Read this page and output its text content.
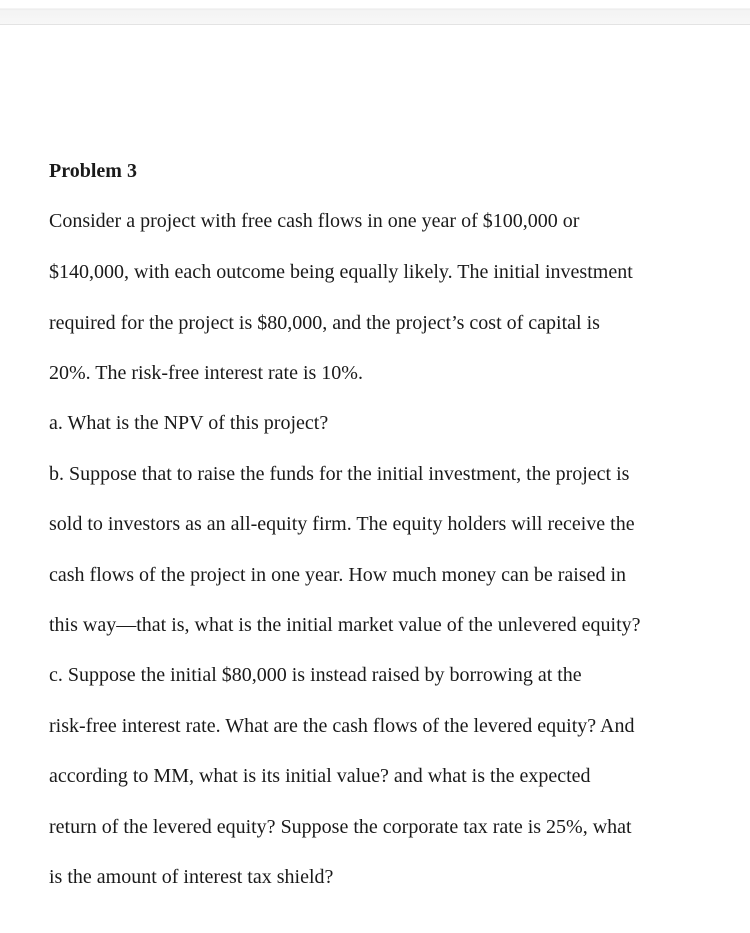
Problem 3
Consider a project with free cash flows in one year of $100,000 or
$140,000, with each outcome being equally likely. The initial investment
required for the project is $80,000, and the project’s cost of capital is
20%. The risk-free interest rate is 10%.
a. What is the NPV of this project?
b. Suppose that to raise the funds for the initial investment, the project is
sold to investors as an all-equity firm. The equity holders will receive the
cash flows of the project in one year. How much money can be raised in
this way—that is, what is the initial market value of the unlevered equity?
c. Suppose the initial $80,000 is instead raised by borrowing at the
risk-free interest rate. What are the cash flows of the levered equity? And
according to MM, what is its initial value? and what is the expected
return of the levered equity? Suppose the corporate tax rate is 25%, what
is the amount of interest tax shield?
